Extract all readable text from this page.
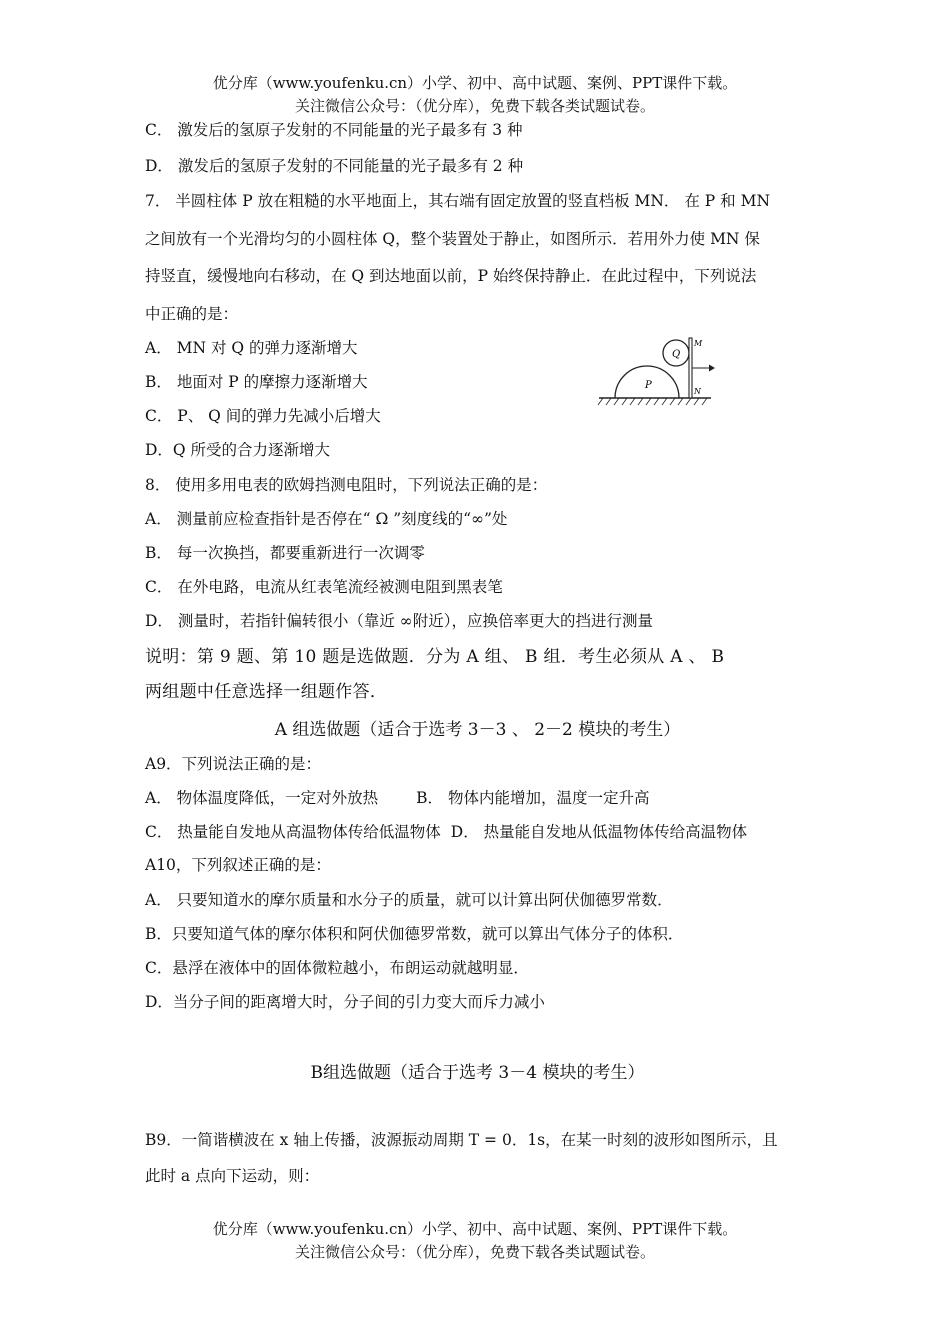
优分库（www.youfenku.cn）小学、初中、高中试题、案例、PPT课件下载。
关注微信公众号：（优分库），免费下载各类试题试卷。
C． 激发后的氢原子发射的不同能量的光子最多有 3 种
D． 激发后的氢原子发射的不同能量的光子最多有 2 种
7． 半圆柱体 P 放在粗糙的水平地面上，其右端有固定放置的竖直档板 MN． 在 P 和 MN
之间放有一个光滑均匀的小圆柱体 Q，整个装置处于静止，如图所示．若用外力使 MN 保
持竖直，缓慢地向右移动，在 Q 到达地面以前，P 始终保持静止．在此过程中，下列说法
中正确的是：
A． MN 对 Q 的弹力逐渐增大
B． 地面对 P 的摩擦力逐渐增大
C． P、 Q 间的弹力先减小后增大
D．Q 所受的合力逐渐增大
8． 使用多用电表的欧姆挡测电阻时，下列说法正确的是：
A． 测量前应检查指针是否停在“ Ω ”刻度线的“∞”处
B． 每一次换挡，都要重新进行一次调零
C． 在外电路，电流从红表笔流经被测电阻到黑表笔
D． 测量时，若指针偏转很小（靠近 ∞附近），应换倍率更大的挡进行测量
说明：第 9 题、第 10 题是选做题．分为 A 组、 B 组．考生必须从 A 、 B
两组题中任意选择一组题作答．
A 组选做题（适合于选考 3－3 、 2－2 模块的考生）
A9．下列说法正确的是：
A． 物体温度降低，一定对外放热 B． 物体内能增加，温度一定升高
C． 热量能自发地从高温物体传给低温物体 D． 热量能自发地从低温物体传给高温物体
A10，下列叙述正确的是：
A． 只要知道水的摩尔质量和水分子的质量，就可以计算出阿伏伽德罗常数．
B．只要知道气体的摩尔体积和阿伏伽德罗常数，就可以算出气体分子的体积．
C．悬浮在液体中的固体微粒越小，布朗运动就越明显．
D．当分子间的距离增大时，分子间的引力变大而斥力减小
B组选做题（适合于选考 3－4 模块的考生）
B9．一简谐横波在 x 轴上传播，波源振动周期 T = 0．1s，在某一时刻的波形如图所示，且
此时 a 点向下运动，则：
Q
P
M
N
优分库（www.youfenku.cn）小学、初中、高中试题、案例、PPT课件下载。
关注微信公众号：（优分库），免费下载各类试题试卷。
